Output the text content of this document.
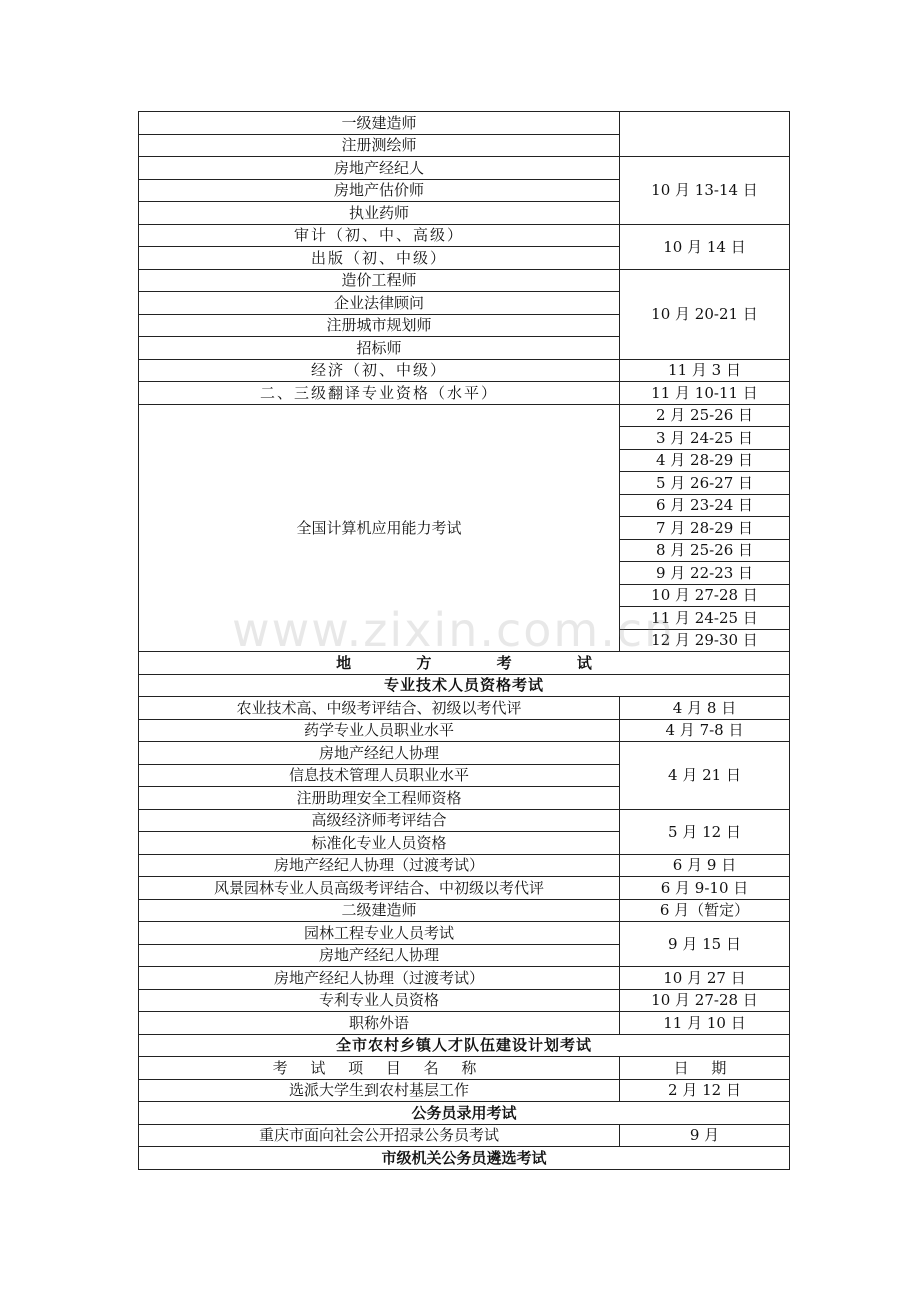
一级建造师	
注册测绘师	
房地产经纪人	10 月 13-14 日
房地产估价师	
执业药师	
审计（初、中、高级）	10 月 14 日
出版（初、中级）	
造价工程师	10 月 20-21 日
企业法律顾问	
注册城市规划师	
招标师	
经济（初、中级）	11 月 3 日
二、三级翻译专业资格（水平）	11 月 10-11 日
全国计算机应用能力考试	2 月 25-26 日
	3 月 24-25 日
	4 月 28-29 日
	5 月 26-27 日
	6 月 23-24 日
	7 月 28-29 日
	8 月 25-26 日
	9 月 22-23 日
	10 月 27-28 日
	11 月 24-25 日
	12 月 29-30 日
地 方 考 试	
专业技术人员资格考试	
农业技术高、中级考评结合、初级以考代评	4 月 8 日
药学专业人员职业水平	4 月 7-8 日
房地产经纪人协理	4 月 21 日
信息技术管理人员职业水平	
注册助理安全工程师资格	
高级经济师考评结合	5 月 12 日
标准化专业人员资格	
房地产经纪人协理（过渡考试）	6 月 9 日
风景园林专业人员高级考评结合、中初级以考代评	6 月 9-10 日
二级建造师	6 月（暂定）
园林工程专业人员考试	9 月 15 日
房地产经纪人协理	
房地产经纪人协理（过渡考试）	10 月 27 日
专利专业人员资格	10 月 27-28 日
职称外语	11 月 10 日
全市农村乡镇人才队伍建设计划考试	
考 试 项 目 名 称	日 期
选派大学生到农村基层工作	2 月 12 日
公务员录用考试	
重庆市面向社会公开招录公务员考试	9 月
市级机关公务员遴选考试	
www.zixin.com.cn
